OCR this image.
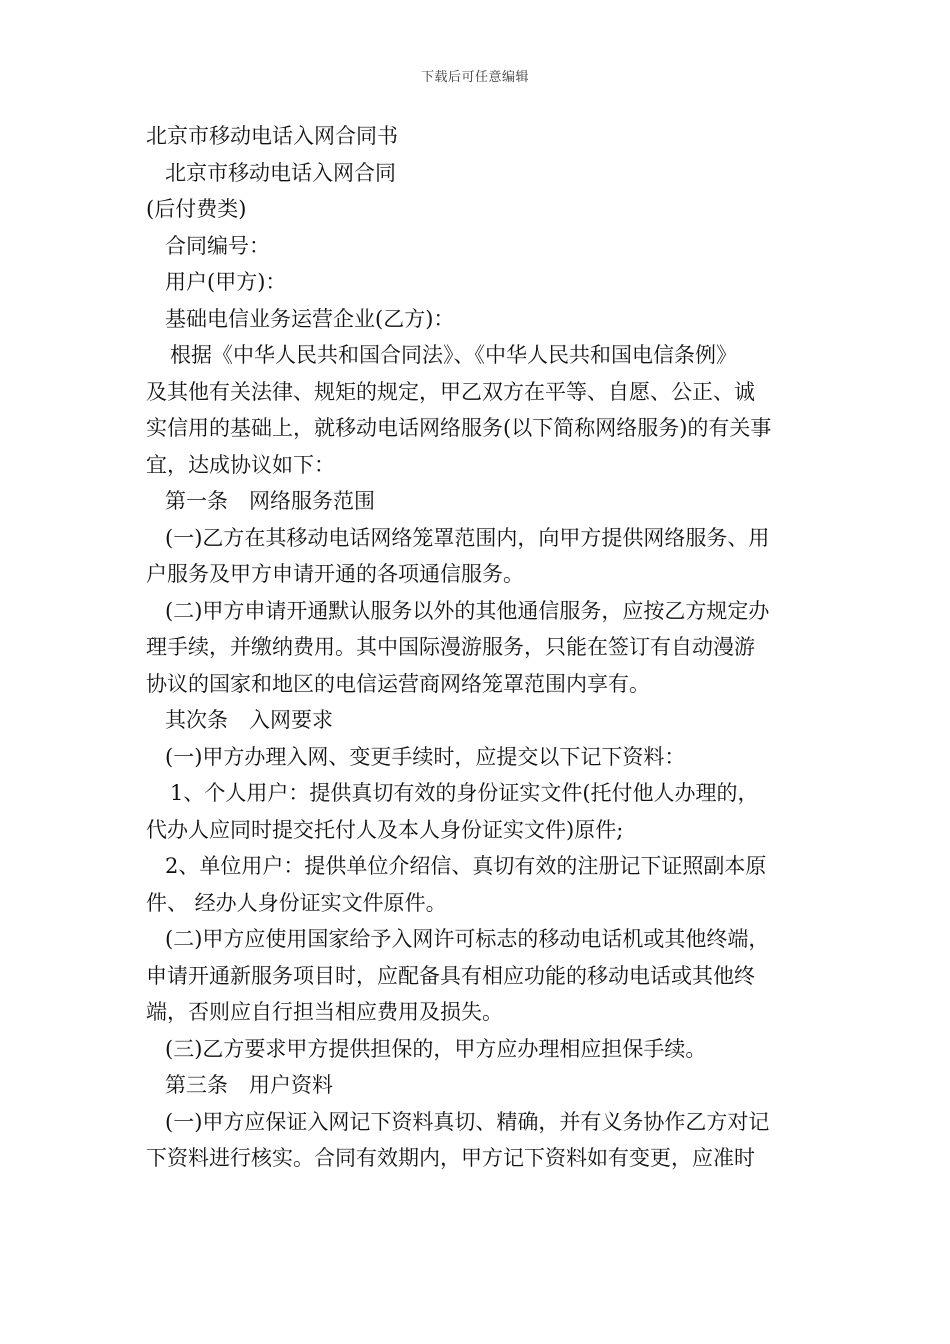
下载后可任意编辑
北京市移动电话入网合同书
北京市移动电话入网合同
(后付费类)
合同编号：
用户(甲方)：
基础电信业务运营企业(乙方)：
根据《中华人民共和国合同法》、《中华人民共和国电信条例》
及其他有关法律、规矩的规定，甲乙双方在平等、自愿、公正、诚
实信用的基础上，就移动电话网络服务(以下简称网络服务)的有关事
宜，达成协议如下：
第一条　网络服务范围
(一)乙方在其移动电话网络笼罩范围内，向甲方提供网络服务、用
户服务及甲方申请开通的各项通信服务。
(二)甲方申请开通默认服务以外的其他通信服务，应按乙方规定办
理手续，并缴纳费用。其中国际漫游服务，只能在签订有自动漫游
协议的国家和地区的电信运营商网络笼罩范围内享有。
其次条　入网要求
(一)甲方办理入网、变更手续时，应提交以下记下资料：
1、个人用户：提供真切有效的身份证实文件(托付他人办理的，
代办人应同时提交托付人及本人身份证实文件)原件;
2、单位用户：提供单位介绍信、真切有效的注册记下证照副本原
件、 经办人身份证实文件原件。
(二)甲方应使用国家给予入网许可标志的移动电话机或其他终端，
申请开通新服务项目时，应配备具有相应功能的移动电话或其他终
端，否则应自行担当相应费用及损失。
(三)乙方要求甲方提供担保的，甲方应办理相应担保手续。
第三条　用户资料
(一)甲方应保证入网记下资料真切、精确，并有义务协作乙方对记
下资料进行核实。合同有效期内，甲方记下资料如有变更，应准时
